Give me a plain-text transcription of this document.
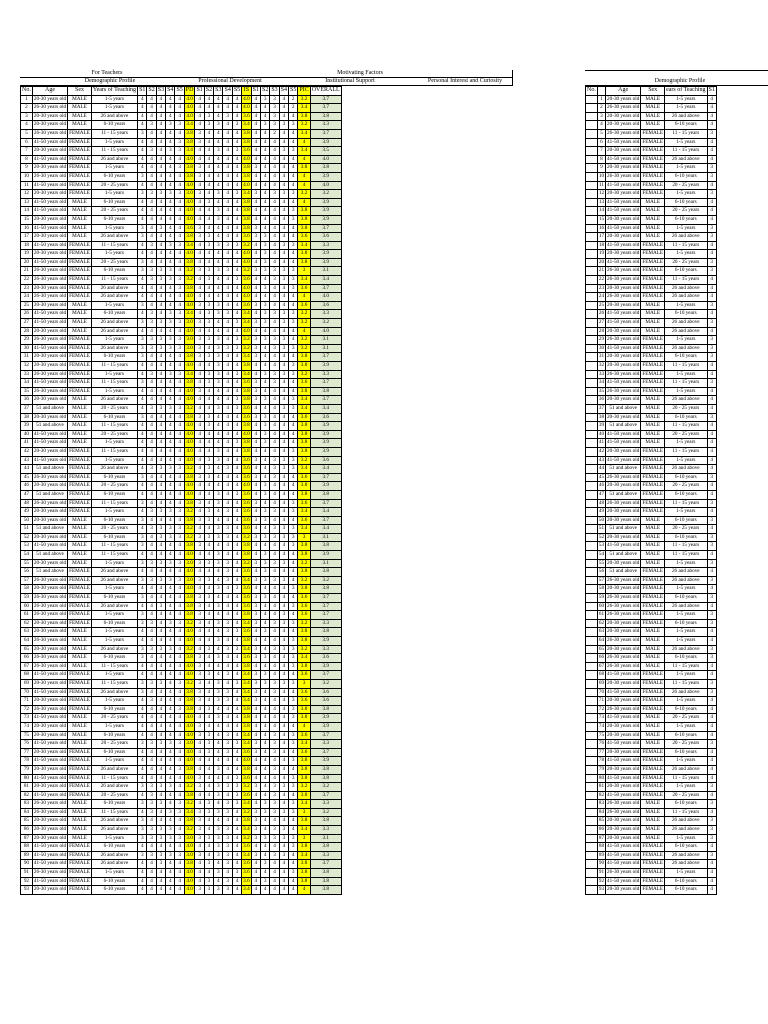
For Teachers
Demographic Profile
Motivating Factors
Professional Development	Institutional Support	Personal Interest and Curiosity
No.	Age	Sex	Years of Teaching	S1	S2	S3	S4	S5	PD	S1	S2	S3	S4	S5	IS	S1	S2	S3	S4	S5	PIC	OVERALL
1	20-30 years old	MALE	1-5 years	4	4	4	4	4	4.0	4	4	4	4	4	4.0	4	3	3	4	2	3.2	3.7
2	26-30 years old	MALE	1-5 years	4	4	4	4	4	4.0	4	4	4	4	4	4.0	4	4	3	4	2	3.4	3.7
3	20-30 years old	MALE	26 and above	4	4	4	4	4	4.0	4	3	4	3	4	3.6	4	4	3	4	4	3.8	3.8
4	20-30 years old	MALE	6-10 years	4	3	4	3	3	3.4	4	3	3	4	3	3.4	4	3	3	3	3	3.2	3.3
5	26-30 years old	FEMALE	11 - 15 years	3	4	4	4	4	3.8	3	4	4	4	4	3.8	4	4	2	4	4	3.4	3.7
6	41-50 years old	FEMALE	1-5 years	4	4	4	4	3	3.8	3	4	4	4	4	3.8	4	4	4	4	4	4	3.9
7	20-30 years old	FEMALE	11 - 15 years	4	3	4	3	3	3.4	4	4	3	4	3	3.6	4	4	4	3	3	3.4	3.5
8	41-50 years old	FEMALE	26 and above	4	4	4	4	4	4.0	4	4	4	4	4	4.0	4	4	4	4	4	4	4.0
9	20-30 years old	FEMALE	1-5 years	4	4	4	4	3	3.8	3	4	4	4	4	3.8	3	4	4	4	4	3.8	3.8
10	26-30 years old	FEMALE	6-10 years	3	4	4	4	4	3.8	3	4	4	4	4	3.8	4	4	4	4	4	4	3.9
11	41-50 years old	FEMALE	20 - 25 years	4	4	4	4	4	4.0	4	4	4	4	4	4.0	4	4	4	4	4	4	4.0
12	20-30 years old	FEMALE	1-5 years	3	3	3	3	3	3.0	3	4	3	4	3	3.4	3	4	3	3	3	3.2	3.2
13	41-50 years old	MALE	6-10 years	4	4	4	4	4	4.0	4	3	4	4	4	3.8	4	4	4	4	4	4	3.9
14	41-50 years old	MALE	20 - 25 years	4	4	4	4	4	4.0	4	4	3	4	4	3.8	4	4	4	4	3	3.8	3.9
15	20-30 years old	MALE	6-10 years	4	4	4	4	4	4.0	4	4	3	4	4	3.8	4	4	4	4	3	3.8	3.9
16	41-50 years old	MALE	1-5 years	3	4	3	4	4	3.6	3	4	4	4	4	3.8	3	4	4	4	4	3.8	3.7
17	20-30 years old	MALE	26 and above	3	4	4	4	4	3.8	3	3	4	4	4	3.6	3	3	4	4	4	3.6	3.6
18	41-50 years old	FEMALE	11 - 15 years	4	3	4	3	3	3.4	4	3	3	3	3	3.2	4	3	4	3	3	3.4	3.3
19	20-30 years old	FEMALE	1-5 years	4	4	4	4	4	4.0	4	4	4	4	4	4.0	4	3	4	4	4	3.8	3.9
20	41-50 years old	FEMALE	20 - 25 years	3	4	4	4	4	3.8	4	4	4	4	4	4.0	4	3	4	4	4	3.8	3.9
21	26-30 years old	FEMALE	6-10 years	3	3	3	3	4	3.2	3	3	3	3	4	3.2	3	3	3	3	3	3	3.1
22	26-30 years old	FEMALE	11 - 15 years	4	3	3	3	3	3.2	4	3	4	4	3	3.6	4	4	3	3	3	3.4	3.4
23	20-30 years old	FEMALE	26 and above	4	4	4	4	3	3.8	4	4	4	4	4	4.0	4	3	4	4	3	3.6	3.7
24	26-30 years old	FEMALE	26 and above	4	4	4	4	4	4.0	4	4	4	4	4	4.0	4	4	4	4	4	4	4.0
25	20-30 years old	MALE	1-5 years	3	4	4	4	4	4.0	3	3	3	4	4	3.6	3	3	4	4	4	3.6	3.6
26	41-50 years old	MALE	6-10 years	4	3	4	3	3	3.4	4	3	3	3	4	3.4	4	3	3	3	3	3.2	3.3
27	41-50 years old	MALE	26 and above	3	3	3	3	3	3.0	3	3	4	4	3	3.4	3	3	4	3	3	3.2	3.2
28	20-30 years old	MALE	26 and above	4	4	4	4	4	4.0	4	4	4	4	4	4.0	4	4	4	4	4	4	4.0
29	26-30 years old	FEMALE	1-5 years	3	3	3	3	3	3.0	3	3	3	4	3	3.2	3	3	3	3	4	3.2	3.1
30	41-50 years old	FEMALE	26 and above	3	3	3	3	3	3.0	3	4	3	3	3	3.2	3	4	3	3	3	3.2	3.1
31	20-30 years old	FEMALE	6-10 years	3	4	4	4	4	3.8	3	3	3	4	4	3.4	3	4	4	4	4	3.8	3.7
32	20-30 years old	FEMALE	11 - 15 years	4	4	4	4	4	4.0	4	4	3	4	4	3.8	4	4	4	4	3	3.8	3.9
33	26-30 years old	FEMALE	1-5 years	4	3	4	3	3	3.4	4	3	3	4	3	3.4	4	3	3	3	3	3.2	3.3
34	41-50 years old	FEMALE	11 - 15 years	3	4	4	4	4	3.8	4	3	3	4	4	3.6	3	4	3	4	4	3.6	3.7
35	26-30 years old	FEMALE	1-5 years	4	4	4	4	4	4.0	3	4	4	4	4	3.8	3	4	4	4	4	3.8	3.8
36	20-30 years old	MALE	26 and above	4	4	4	4	4	4.0	4	4	4	4	3	3.8	3	3	4	4	3	3.4	3.7
37	51 and above	MALE	20 - 25 years	4	3	3	3	3	3.2	4	4	3	4	3	3.6	4	4	4	3	3	3.4	3.4
38	20-30 years old	MALE	6-10 years	3	4	4	4	4	3.8	3	3	4	4	4	3.6	3	3	4	4	4	3.6	3.6
39	51 and above	MALE	11 - 15 years	4	4	4	4	4	4.0	4	3	4	4	4	3.8	4	3	4	4	4	3.8	3.9
40	41-50 years old	MALE	20 - 25 years	4	4	4	4	4	4.0	4	4	4	4	4	4.0	4	3	4	4	4	3.8	3.9
41	41-50 years old	MALE	1-5 years	4	4	4	4	4	4.0	4	4	4	4	3	3.8	4	3	4	4	4	3.8	3.9
42	20-30 years old	FEMALE	11 - 15 years	4	4	4	4	4	4.0	4	4	3	4	4	3.8	4	4	4	4	3	3.8	3.9
43	41-50 years old	FEMALE	1-5 years	4	4	4	4	4	4.0	4	3	3	4	4	3.6	3	4	3	3	3	3.2	3.6
44	51 and above	FEMALE	26 and above	4	3	3	3	3	3.2	4	3	4	3	4	3.6	4	4	3	3	3	3.4	3.4
45	26-30 years old	FEMALE	6-10 years	3	4	4	4	4	3.8	3	3	4	4	4	3.6	3	4	3	4	4	3.6	3.7
46	20-30 years old	FEMALE	20 - 25 years	4	4	4	4	4	4.0	4	4	4	4	4	4.0	4	3	4	4	4	3.8	3.9
47	51 and above	FEMALE	6-10 years	4	4	4	4	4	4.0	4	4	3	4	3	3.6	4	3	4	4	4	3.8	3.8
48	26-30 years old	FEMALE	11 - 15 years	3	4	4	4	4	3.8	3	4	3	4	4	3.6	3	4	4	4	3	3.6	3.7
49	20-30 years old	FEMALE	1-5 years	4	3	3	3	3	3.2	4	3	4	3	4	3.6	4	3	3	4	3	3.4	3.4
50	20-30 years old	MALE	6-10 years	3	4	4	4	4	3.8	3	3	4	4	4	3.6	3	3	4	4	4	3.6	3.7
51	51 and above	MALE	20 - 25 years	4	3	3	3	3	3.2	4	4	3	3	4	3.6	4	4	3	3	3	3.4	3.4
52	20-30 years old	MALE	6-10 years	3	4	3	3	3	3.2	3	3	3	3	4	3.2	3	3	3	3	3	3	3.1
53	41-50 years old	MALE	11 - 15 years	3	4	4	4	4	3.8	3	4	4	4	4	3.8	4	4	4	4	3	3.8	3.8
54	51 and above	MALE	11 - 15 years	4	4	4	4	4	4.0	4	4	3	4	4	3.8	4	3	4	4	4	3.8	3.9
55	20-30 years old	MALE	1-5 years	3	3	3	3	3	3.0	3	3	3	3	4	3.2	3	3	3	3	4	3.2	3.1
56	51 and above	FEMALE	26 and above	4	4	4	4	4	4.0	4	4	4	3	4	3.6	4	3	4	4	4	3.8	3.8
57	26-30 years old	FEMALE	26 and above	3	3	3	3	3	3.0	3	3	4	3	4	3.4	3	3	3	3	4	3.2	3.2
58	20-30 years old	FEMALE	1-5 years	4	4	4	4	4	4.0	4	4	3	4	3	3.6	4	4	4	4	3	3.8	3.8
59	26-30 years old	FEMALE	6-10 years	3	4	4	4	4	3.8	3	3	4	4	4	3.6	3	3	4	4	4	3.6	3.7
60	26-30 years old	FEMALE	26 and above	4	4	3	4	4	3.8	3	4	3	4	4	3.6	3	4	4	4	3	3.6	3.7
61	26-30 years old	FEMALE	1-5 years	3	4	4	4	4	3.8	3	4	4	4	4	3.8	3	4	4	3	4	3.6	3.7
62	20-30 years old	FEMALE	6-10 years	3	3	4	3	3	3.2	3	4	3	3	4	3.4	3	4	3	3	3	3.2	3.3
63	20-30 years old	MALE	1-5 years	4	4	4	4	4	4.0	4	4	4	3	3	3.6	4	3	4	4	4	3.8	3.8
64	26-30 years old	MALE	1-5 years	4	4	4	4	4	4.0	4	4	3	4	4	3.8	4	4	4	4	3	3.8	3.9
65	20-30 years old	MALE	26 and above	3	3	3	3	4	3.2	4	3	4	3	3	3.4	3	4	3	3	3	3.2	3.3
66	26-30 years old	MALE	6-10 years	3	4	4	4	4	3.8	3	4	3	4	4	3.6	3	3	4	4	3	3.4	3.6
67	26-30 years old	MALE	11 - 15 years	4	4	4	4	4	4.0	3	4	4	4	4	3.8	4	4	4	4	3	3.8	3.9
68	41-50 years old	FEMALE	1-5 years	4	4	4	4	4	4.0	3	3	4	3	4	3.4	3	3	4	4	4	3.6	3.7
69	20-30 years old	FEMALE	11 - 15 years	3	3	3	4	3	3.2	3	4	3	4	3	3.4	3	3	3	3	3	3	3.2
70	41-50 years old	FEMALE	26 and above	3	4	4	4	4	3.8	3	4	3	3	4	3.4	3	4	3	4	4	3.6	3.6
71	20-30 years old	FEMALE	1-5 years	4	3	4	4	4	3.8	3	4	3	3	4	3.4	3	4	4	4	3	3.6	3.6
72	26-30 years old	FEMALE	6-10 years	4	4	4	4	3	3.8	4	3	4	4	4	3.8	4	4	4	4	3	3.8	3.8
73	41-50 years old	MALE	20 - 25 years	4	4	4	4	4	4.0	4	4	3	4	4	3.8	4	4	4	4	3	3.8	3.9
74	20-30 years old	MALE	1-5 years	4	4	4	4	4	4.0	3	4	4	4	4	3.8	4	4	4	4	4	4	3.9
75	20-30 years old	MALE	6-10 years	4	4	4	4	4	4.0	3	3	4	3	4	3.4	4	4	3	4	3	3.6	3.7
76	41-50 years old	MALE	20 - 25 years	3	3	3	3	3	3.0	4	3	4	3	3	3.4	3	4	3	4	3	3.4	3.3
77	20-30 years old	FEMALE	6-10 years	4	4	4	4	4	4.0	4	3	4	3	4	3.6	3	4	3	4	4	3.6	3.7
78	41-50 years old	FEMALE	1-5 years	4	4	4	4	4	4.0	4	4	4	4	4	4.0	4	4	4	4	3	3.8	3.9
79	20-30 years old	FEMALE	26 and above	4	4	4	4	3	3.8	4	4	3	4	4	3.8	4	4	3	4	4	3.8	3.8
80	41-50 years old	FEMALE	11 - 15 years	4	4	4	4	4	4.0	3	4	4	4	3	3.6	4	4	4	4	3	3.8	3.8
81	20-30 years old	FEMALE	26 and above	3	3	3	3	4	3.2	3	4	3	3	3	3.2	3	4	3	3	3	3.2	3.2
82	41-50 years old	FEMALE	20 - 25 years	4	3	4	4	4	3.8	4	4	3	4	3	3.6	4	4	3	4	4	3.8	3.7
83	26-30 years old	MALE	6-10 years	3	3	3	4	3	3.2	4	3	4	3	3	3.4	4	3	3	4	3	3.4	3.3
84	26-30 years old	MALE	11 - 15 years	4	3	4	3	3	3.4	3	3	3	3	4	3.2	3	3	3	3	3	3	3.2
85	20-30 years old	MALE	26 and above	3	4	4	4	4	3.8	3	4	4	4	4	3.8	3	4	4	4	4	3.8	3.8
86	20-30 years old	MALE	26 and above	3	3	3	3	4	3.2	3	4	3	3	4	3.4	3	4	3	3	4	3.4	3.3
87	20-30 years old	MALE	1-5 years	3	3	3	3	3	3.0	3	3	3	3	4	3.2	3	3	3	3	3	3	3.1
88	41-50 years old	FEMALE	6-10 years	4	4	4	4	4	4.0	4	4	3	3	4	3.6	4	4	4	4	3	3.8	3.8
89	41-50 years old	FEMALE	26 and above	3	3	3	3	3	3.0	3	4	3	3	4	3.4	3	4	3	3	4	3.4	3.3
90	41-50 years old	FEMALE	26 and above	4	4	3	4	4	3.8	4	3	4	3	4	3.6	4	3	4	4	4	3.8	3.7
91	26-30 years old	FEMALE	1-5 years	4	4	4	4	4	4.0	4	4	3	4	3	3.6	4	4	4	4	3	3.8	3.8
92	41-50 years old	FEMALE	6-10 years	4	4	4	4	4	4.0	4	3	4	3	4	3.6	4	3	4	4	4	3.8	3.8
93	20-30 years old	FEMALE	6-10 years	4	4	4	4	4	4.0	3	3	3	3	4	3.4	4	4	4	4	4	4	3.8
Demographic Profile
No.		Age	Sex	ears of Teaching	S1
	1	20-30 years old	MALE	1-5 years	4
	2	26-30 years old	MALE	1-5 years	4
	3	20-30 years old	MALE	26 and above	4
	4	20-30 years old	MALE	6-10 years	4
	5	26-30 years old	FEMALE	11 - 15 years	3
	6	41-50 years old	FEMALE	1-5 years	4
	7	20-30 years old	FEMALE	11 - 15 years	4
	8	41-50 years old	FEMALE	26 and above	4
	9	20-30 years old	FEMALE	1-5 years	3
	10	26-30 years old	FEMALE	6-10 years	3
	11	41-50 years old	FEMALE	20 - 25 years	4
	12	20-30 years old	FEMALE	1-5 years	3
	13	41-50 years old	MALE	6-10 years	4
	14	41-50 years old	MALE	20 - 25 years	4
	15	20-30 years old	MALE	6-10 years	4
	16	41-50 years old	MALE	1-5 years	3
	17	20-30 years old	MALE	26 and above	3
	18	41-50 years old	FEMALE	11 - 15 years	4
	19	20-30 years old	FEMALE	1-5 years	4
	20	41-50 years old	FEMALE	20 - 25 years	3
	21	26-30 years old	FEMALE	6-10 years	3
	22	26-30 years old	FEMALE	11 - 15 years	4
	23	20-30 years old	FEMALE	26 and above	4
	24	26-30 years old	FEMALE	26 and above	4
	25	20-30 years old	MALE	1-5 years	3
	26	41-50 years old	MALE	6-10 years	4
	27	41-50 years old	MALE	26 and above	3
	28	20-30 years old	MALE	26 and above	4
	29	26-30 years old	FEMALE	1-5 years	3
	30	41-50 years old	FEMALE	26 and above	3
	31	20-30 years old	FEMALE	6-10 years	3
	32	20-30 years old	FEMALE	11 - 15 years	4
	33	26-30 years old	FEMALE	1-5 years	4
	34	41-50 years old	FEMALE	11 - 15 years	3
	35	26-30 years old	FEMALE	1-5 years	4
	36	20-30 years old	MALE	26 and above	4
	37	51 and above	MALE	20 - 25 years	4
	38	20-30 years old	MALE	6-10 years	3
	39	51 and above	MALE	11 - 15 years	4
	40	41-50 years old	MALE	20 - 25 years	4
	41	41-50 years old	MALE	1-5 years	4
	42	20-30 years old	FEMALE	11 - 15 years	4
	43	41-50 years old	FEMALE	1-5 years	4
	44	51 and above	FEMALE	26 and above	4
	45	26-30 years old	FEMALE	6-10 years	3
	46	20-30 years old	FEMALE	20 - 25 years	4
	47	51 and above	FEMALE	6-10 years	4
	48	26-30 years old	FEMALE	11 - 15 years	3
	49	20-30 years old	FEMALE	1-5 years	4
	50	20-30 years old	MALE	6-10 years	3
	51	51 and above	MALE	20 - 25 years	4
	52	20-30 years old	MALE	6-10 years	3
	53	41-50 years old	MALE	11 - 15 years	3
	54	51 and above	MALE	11 - 15 years	4
	55	20-30 years old	MALE	1-5 years	3
	56	51 and above	FEMALE	26 and above	4
	57	26-30 years old	FEMALE	26 and above	3
	58	20-30 years old	FEMALE	1-5 years	4
	59	26-30 years old	FEMALE	6-10 years	3
	60	26-30 years old	FEMALE	26 and above	4
	61	26-30 years old	FEMALE	1-5 years	3
	62	20-30 years old	FEMALE	6-10 years	3
	63	20-30 years old	MALE	1-5 years	4
	64	26-30 years old	MALE	1-5 years	4
	65	20-30 years old	MALE	26 and above	3
	66	26-30 years old	MALE	6-10 years	3
	67	26-30 years old	MALE	11 - 15 years	4
	68	41-50 years old	FEMALE	1-5 years	4
	69	20-30 years old	FEMALE	11 - 15 years	3
	70	41-50 years old	FEMALE	26 and above	3
	71	20-30 years old	FEMALE	1-5 years	4
	72	26-30 years old	FEMALE	6-10 years	4
	73	41-50 years old	MALE	20 - 25 years	4
	74	20-30 years old	MALE	1-5 years	4
	75	20-30 years old	MALE	6-10 years	4
	76	41-50 years old	MALE	20 - 25 years	3
	77	20-30 years old	FEMALE	6-10 years	4
	78	41-50 years old	FEMALE	1-5 years	4
	79	20-30 years old	FEMALE	26 and above	4
	80	41-50 years old	FEMALE	11 - 15 years	4
	81	20-30 years old	FEMALE	1-5 years	3
	82	41-50 years old	FEMALE	20 - 25 years	4
	83	26-30 years old	MALE	6-10 years	3
	84	26-30 years old	MALE	11 - 15 years	4
	85	20-30 years old	MALE	26 and above	3
	86	20-30 years old	MALE	26 and above	3
	87	20-30 years old	MALE	1-5 years	3
	88	41-50 years old	FEMALE	6-10 years	4
	89	41-50 years old	FEMALE	26 and above	3
	90	41-50 years old	FEMALE	26 and above	4
	91	26-30 years old	FEMALE	1-5 years	4
	92	41-50 years old	FEMALE	6-10 years	4
	93	20-30 years old	FEMALE	6-10 years	4
